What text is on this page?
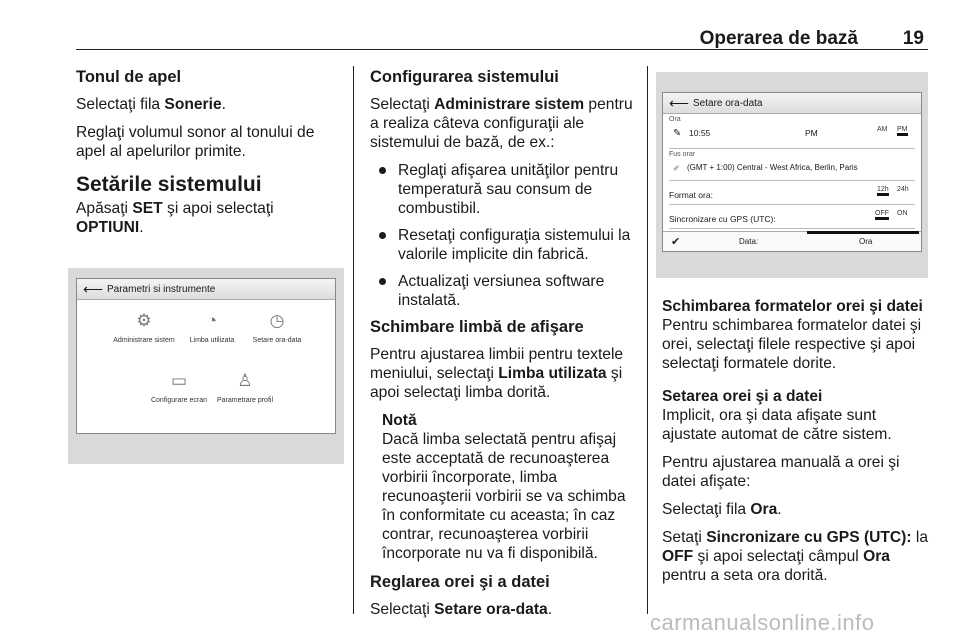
Operarea de bază 19
Tonul de apel

Selectaţi fila Sonerie.

Reglaţi volumul sonor al tonului de apel al apelurilor primite.

Setările sistemului

Apăsaţi SET şi apoi selectaţi OPTIUNI.

⟵ Parametri si instrumente
⚙
Administrare sistem
◔
Limba utilizata
◷
Setare ora-data
▭
Configurare ecran
♙
Parametrare profil
Configurarea sistemului

Selectaţi Administrare sistem pentru a realiza câteva configuraţii ale sistemului de bază, de ex.:

Reglaţi afişarea unităţilor pentru temperatură sau consum de combustibil.
Resetaţi configuraţia sistemului la valorile implicite din fabrică.
Actualizaţi versiunea software instalată.
Schimbare limbă de afişare

Pentru ajustarea limbii pentru textele meniului, selectaţi Limba utilizata şi apoi selectaţi limba dorită.

Notă
Dacă limba selectată pentru afişaj este acceptată de recunoaşterea vorbirii încorporate, limba recunoaşterii vorbirii se va schimba în conformitate cu aceasta; în caz contrar, recunoaşterea vorbirii încorporate nu va fi disponibilă.
Reglarea orei şi a datei

Selectaţi Setare ora-data.

⟵ Setare ora-data
Ora
✎ 10:55	PM	AM PM
Fus orar
✐ (GMT + 1:00) Central - West Africa, Berlin, Paris
Format ora:
12h 24h
Sincronizare cu GPS (UTC):
OFF ON
✔	Data:	Ora
Schimbarea formatelor orei şi datei

Pentru schimbarea formatelor datei şi orei, selectaţi filele respective şi apoi selectaţi formatele dorite.

Setarea orei şi a datei

Implicit, ora şi data afişate sunt ajustate automat de către sistem.

Pentru ajustarea manuală a orei şi datei afişate:

Selectaţi fila Ora.

Setaţi Sincronizare cu GPS (UTC): la OFF şi apoi selectaţi câmpul Ora pentru a seta ora dorită.

carmanualsonline.info
